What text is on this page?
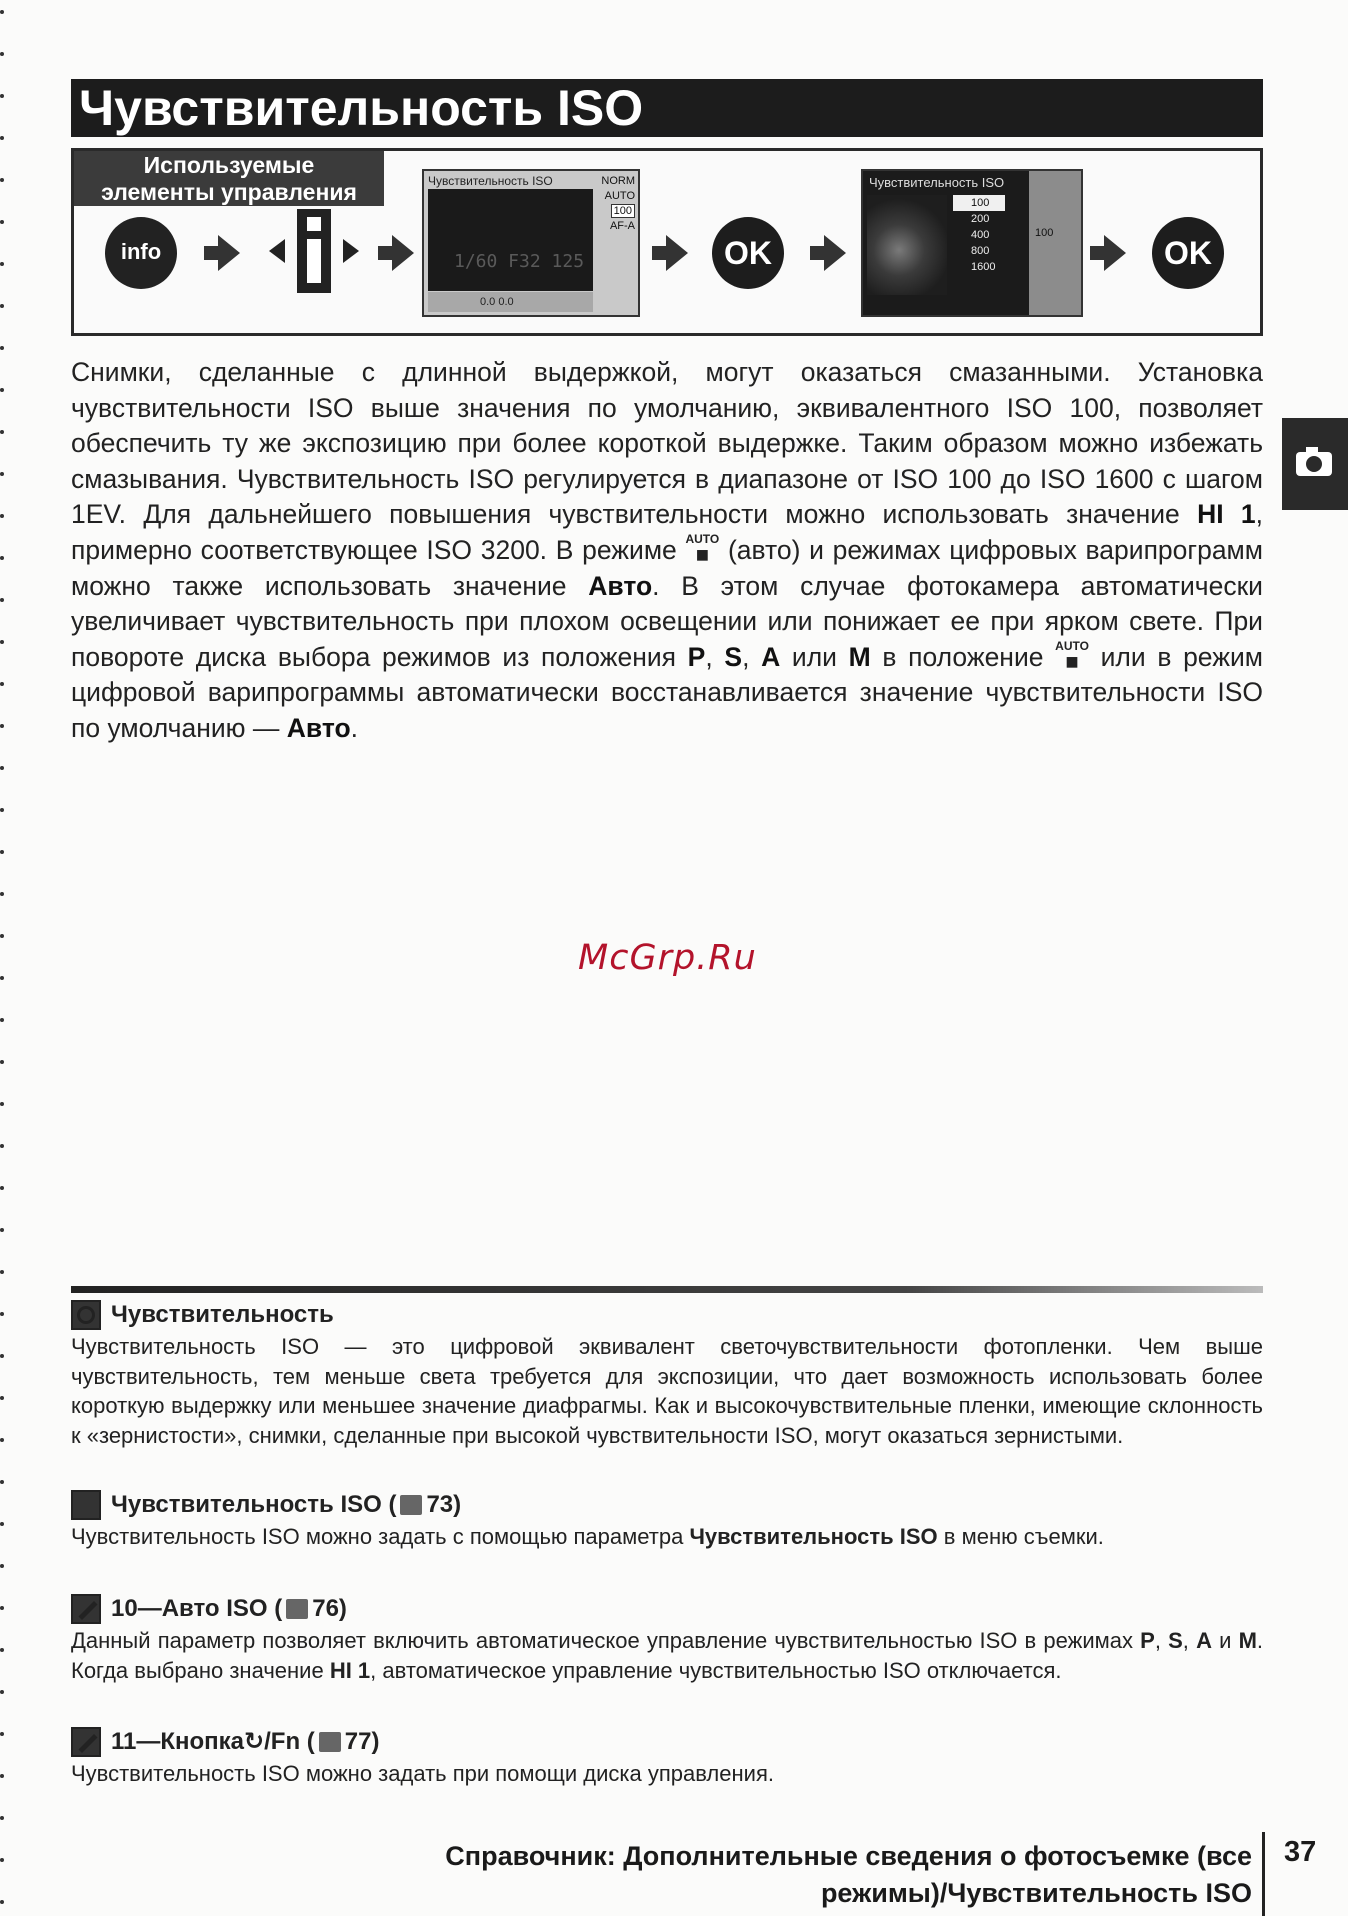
Чувствительность ISO
Используемые
элементы управления
info
Чувствительность ISO
1/60 F32 125
NORM
AUTO
100
AF-A
0.0 0.0
OK
Чувствительность ISO
100
200
400
800
1600
100
OK
Снимки, сделанные с длинной выдержкой, могут оказаться смазанными. Установка чувствительности ISO выше значения по умолчанию, эквивалентного ISO 100, позволяет обеспечить ту же экспозицию при более короткой выдержке. Таким образом можно избежать смазывания. Чувствительность ISO регулируется в диапазоне от ISO 100 до ISO 1600 с шагом 1EV. Для дальнейшего повышения чувствительности можно использовать значение HI 1, примерно соответствующее ISO 3200. В режиме AUTO
■ (авто) и режимах цифровых варипрограмм можно также использовать значение Авто. В этом случае фотокамера автоматически увеличивает чувствительность при плохом освещении или понижает ее при ярком свете. При повороте диска выбора режимов из положения P, S, A или M в положение AUTO
■ или в режим цифровой варипрограммы автоматически восстанавливается значение чувствительности ISO по умолчанию — Авто.
McGrp.Ru
Чувствительность
Чувствительность ISO — это цифровой эквивалент светочувствительности фотопленки. Чем выше чувствительность, тем меньше света требуется для экспозиции, что дает возможность использовать более короткую выдержку или меньшее значение диафрагмы. Как и высокочувствительные пленки, имеющие склонность к «зернистости», снимки, сделанные при высокой чувствительности ISO, могут оказаться зернистыми.
Чувствительность ISO ( 73)
Чувствительность ISO можно задать с помощью параметра Чувствительность ISO в меню съемки.
10—Авто ISO ( 76)
Данный параметр позволяет включить автоматическое управление чувствительностью ISO в режимах P, S, A и M. Когда выбрано значение HI 1, автоматическое управление чувствительностью ISO отключается.
11—Кнопка ↻ /Fn ( 77)
Чувствительность ISO можно задать при помощи диска управления.
Справочник: Дополнительные сведения о фотосъемке (все
режимы)/Чувствительность ISO
37
